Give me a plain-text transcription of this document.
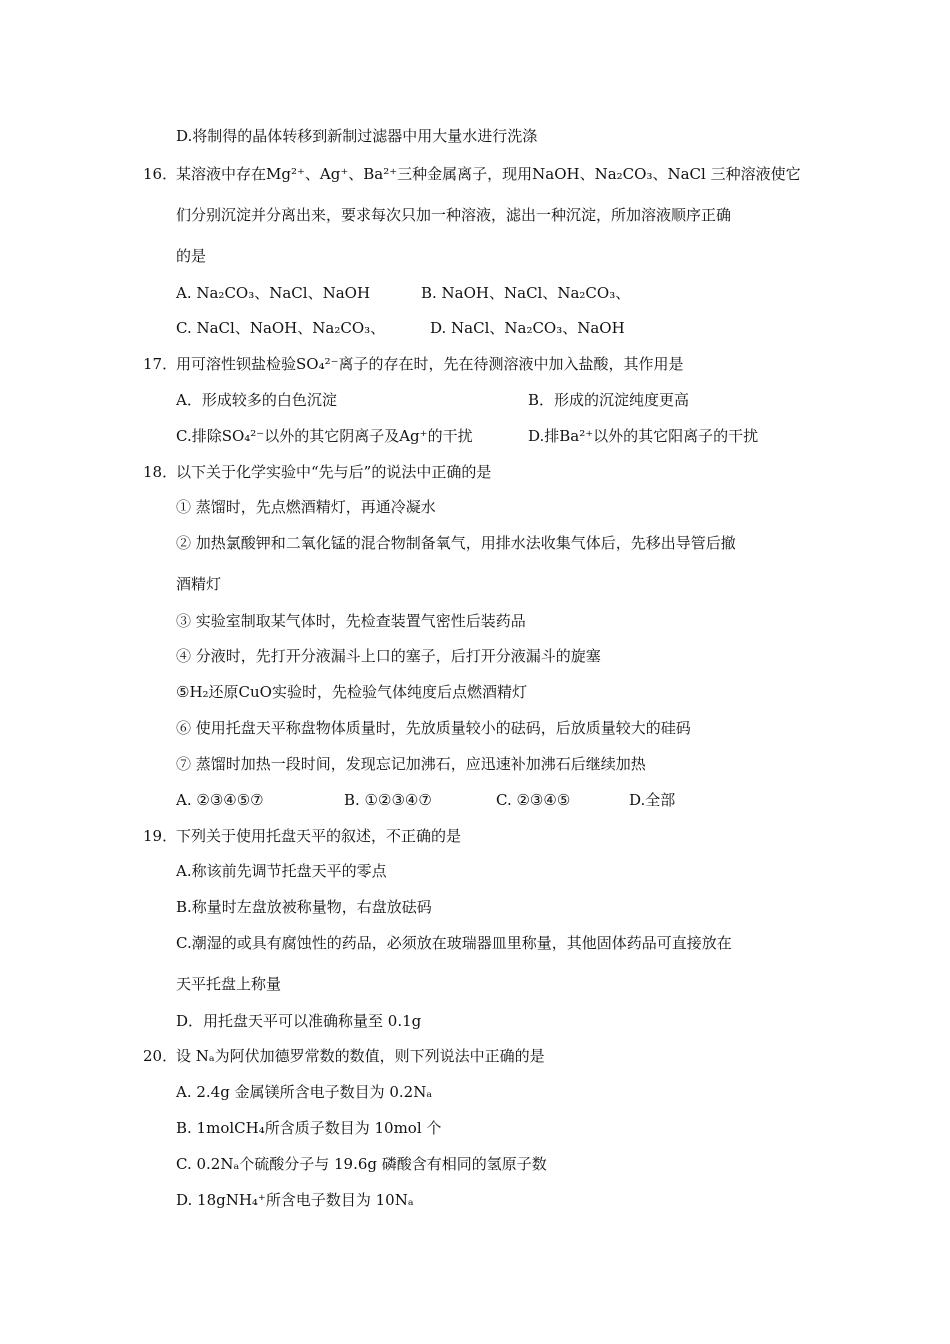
D.将制得的晶体转移到新制过滤器中用大量水进行洗涤
16．
某溶液中存在Mg²⁺、Ag⁺、Ba²⁺三种金属离子，现用NaOH、Na₂CO₃、NaCl 三种溶液使它
们分别沉淀并分离出来，要求每次只加一种溶液，滤出一种沉淀，所加溶液顺序正确
的是
A. Na₂CO₃、NaCl、NaOH	B. NaOH、NaCl、Na₂CO₃、
C. NaCl、NaOH、Na₂CO₃、	D. NaCl、Na₂CO₃、NaOH
17．
用可溶性钡盐检验SO₄²⁻离子的存在时，先在待测溶液中加入盐酸，其作用是
A．形成较多的白色沉淀	B．形成的沉淀纯度更高
C.排除SO₄²⁻以外的其它阴离子及Ag⁺的干扰	D.排Ba²⁺以外的其它阳离子的干扰
18．
以下关于化学实验中“先与后”的说法中正确的是
① 蒸馏时，先点燃酒精灯，再通冷凝水
② 加热氯酸钾和二氧化锰的混合物制备氧气，用排水法收集气体后，先移出导管后撤
酒精灯
③ 实验室制取某气体时，先检查装置气密性后装药品
④ 分液时，先打开分液漏斗上口的塞子，后打开分液漏斗的旋塞
⑤H₂还原CuO实验时，先检验气体纯度后点燃酒精灯
⑥ 使用托盘天平称盘物体质量时，先放质量较小的砝码，后放质量较大的硅码
⑦ 蒸馏时加热一段时间，发现忘记加沸石，应迅速补加沸石后继续加热
A. ②③④⑤⑦	B. ①②③④⑦	C. ②③④⑤	D.全部
19．
下列关于使用托盘天平的叙述，不正确的是
A.称该前先调节托盘天平的零点
B.称量时左盘放被称量物，右盘放砝码
C.潮湿的或具有腐蚀性的药品，必须放在玻瑞器皿里称量，其他固体药品可直接放在
天平托盘上称量
D．用托盘天平可以准确称量至 0.1g
20．
设 Nₐ为阿伏加德罗常数的数值，则下列说法中正确的是
A. 2.4g 金属镁所含电子数目为 0.2Nₐ
B. 1molCH₄所含质子数目为 10mol 个
C. 0.2Nₐ个硫酸分子与 19.6g 磷酸含有相同的氢原子数
D. 18gNH₄⁺所含电子数目为 10Nₐ
